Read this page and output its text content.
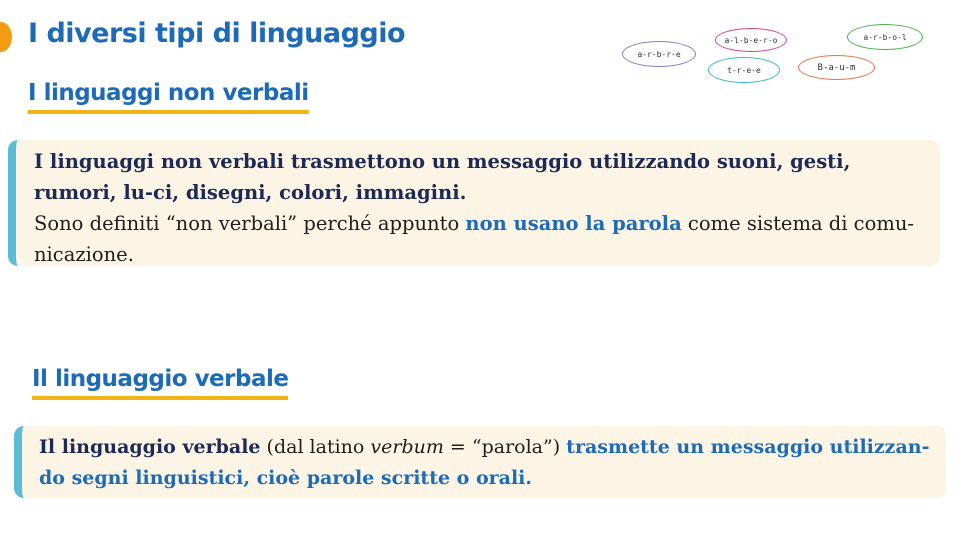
I diversi tipi di linguaggio
a-r-b-r-e
a-l-b-e-r-o
t-r-e-e	B-a-u-m
a-r-b-o-l
I linguaggi non verbali

I linguaggi non verbali trasmettono un messaggio utilizzando suoni, gesti, rumori, lu-ci, disegni, colori, immagini.

Sono definiti “non verbali” perché appunto non usano la parola come sistema di comu-nicazione.

Il linguaggio verbale

Il linguaggio verbale (dal latino verbum = “parola”) trasmette un messaggio utilizzan-do segni linguistici, cioè parole scritte o orali.
